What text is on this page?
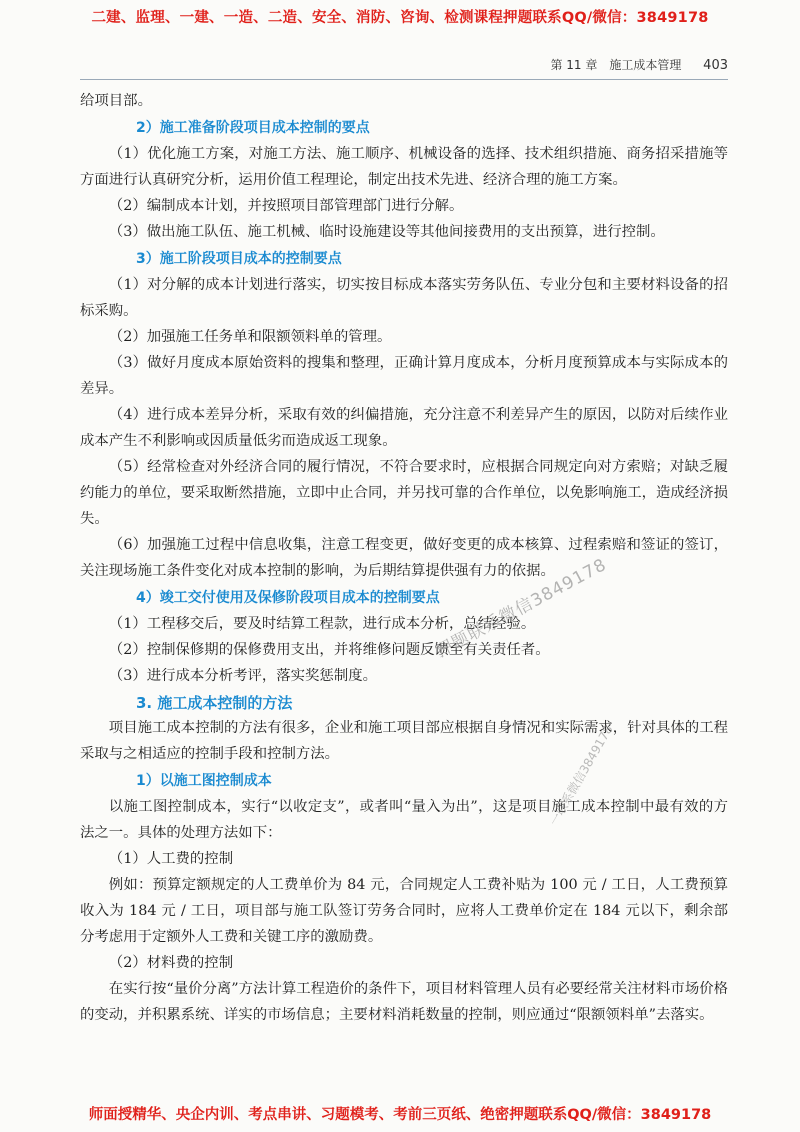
二建、监理、一建、一造、二造、安全、消防、咨询、检测课程押题联系QQ/微信：3849178
第 11 章　施工成本管理 403

给项目部。

2）施工准备阶段项目成本控制的要点

（1）优化施工方案，对施工方法、施工顺序、机械设备的选择、技术组织措施、商务招采措施等方面进行认真研究分析，运用价值工程理论，制定出技术先进、经济合理的施工方案。

（2）编制成本计划，并按照项目部管理部门进行分解。

（3）做出施工队伍、施工机械、临时设施建设等其他间接费用的支出预算，进行控制。

3）施工阶段项目成本的控制要点

（1）对分解的成本计划进行落实，切实按目标成本落实劳务队伍、专业分包和主要材料设备的招标采购。

（2）加强施工任务单和限额领料单的管理。

（3）做好月度成本原始资料的搜集和整理，正确计算月度成本，分析月度预算成本与实际成本的差异。

（4）进行成本差异分析，采取有效的纠偏措施，充分注意不利差异产生的原因，以防对后续作业成本产生不利影响或因质量低劣而造成返工现象。

（5）经常检查对外经济合同的履行情况，不符合要求时，应根据合同规定向对方索赔；对缺乏履约能力的单位，要采取断然措施，立即中止合同，并另找可靠的合作单位，以免影响施工，造成经济损失。

（6）加强施工过程中信息收集，注意工程变更，做好变更的成本核算、过程索赔和签证的签订，关注现场施工条件变化对成本控制的影响，为后期结算提供强有力的依据。

4）竣工交付使用及保修阶段项目成本的控制要点

（1）工程移交后，要及时结算工程款，进行成本分析，总结经验。

（2）控制保修期的保修费用支出，并将维修问题反馈至有关责任者。

（3）进行成本分析考评，落实奖惩制度。

3. 施工成本控制的方法

项目施工成本控制的方法有很多，企业和施工项目部应根据自身情况和实际需求，针对具体的工程采取与之相适应的控制手段和控制方法。

1）以施工图控制成本

以施工图控制成本，实行“以收定支”，或者叫“量入为出”，这是项目施工成本控制中最有效的方法之一。具体的处理方法如下：

（1）人工费的控制

例如：预算定额规定的人工费单价为 84 元，合同规定人工费补贴为 100 元 / 工日，人工费预算收入为 184 元 / 工日，项目部与施工队签订劳务合同时，应将人工费单价定在 184 元以下，剩余部分考虑用于定额外人工费和关键工序的激励费。

（2）材料费的控制

在实行按“量价分离”方法计算工程造价的条件下，项目材料管理人员有必要经常关注材料市场价格的变动，并积累系统、详实的市场信息；主要材料消耗数量的控制，则应通过“限额领料单”去落实。

押题联系微信3849178
一联系微信3849178
师面授精华、央企内训、考点串讲、习题模考、考前三页纸、绝密押题联系QQ/微信：3849178
